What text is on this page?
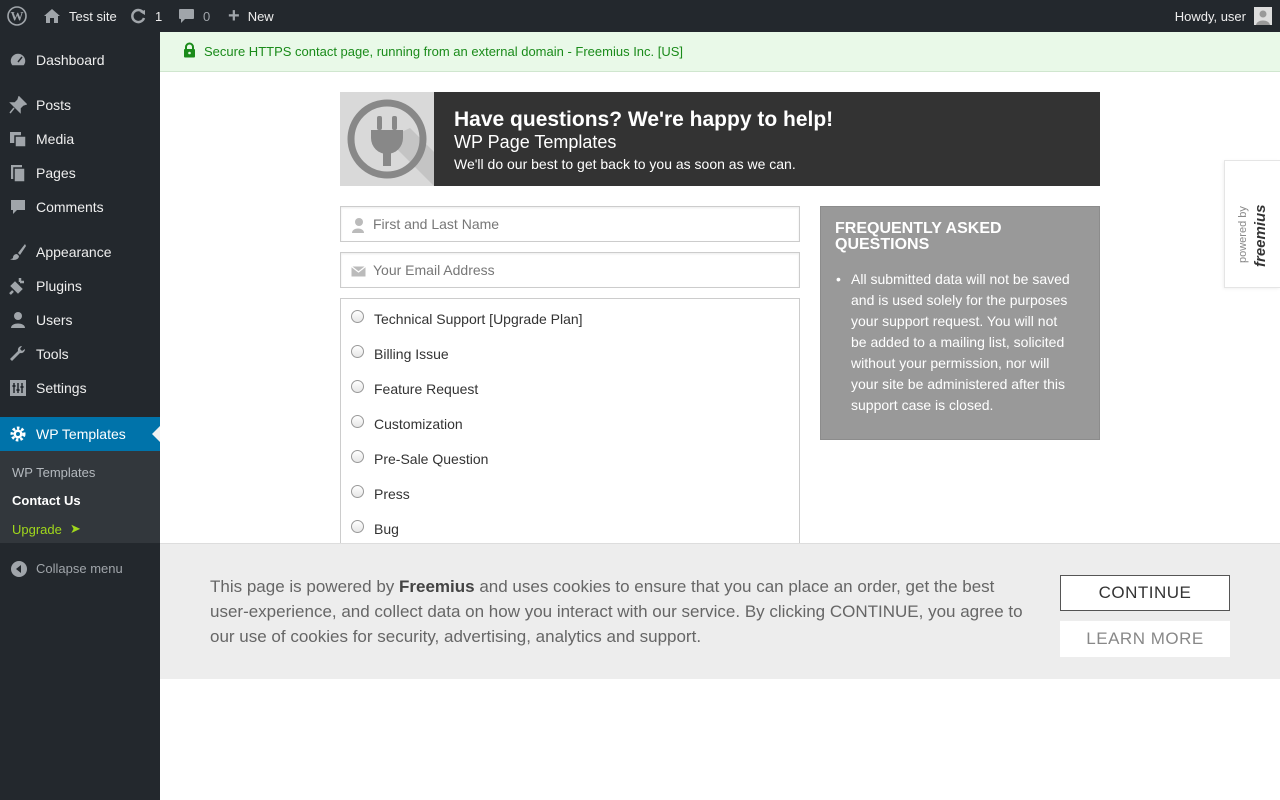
W	Test site	1	0 + New	Howdy, user
Dashboard
Posts
Media
Pages
Comments
Appearance
Plugins
Users
Tools
Settings
WP Templates
WP Templates
Contact Us
Upgrade ➤
Collapse menu
Secure HTTPS contact page, running from an external domain - Freemius Inc. [US]
Have questions? We're happy to help!
WP Page Templates
We'll do our best to get back to you as soon as we can.
First and Last Name
Your Email Address
Technical Support [Upgrade Plan]
Billing Issue
Feature Request
Customization
Pre-Sale Question
Press
Bug
FREQUENTLY ASKED QUESTIONS
• All submitted data will not be saved and is used solely for the purposes your support request. You will not be added to a mailing list, solicited without your permission, nor will your site be administered after this support case is closed.
powered by freemius
This page is powered by Freemius and uses cookies to ensure that you can place an order, get the best user-experience, and collect data on how you interact with our service. By clicking CONTINUE, you agree to our use of cookies for security, advertising, analytics and support.
CONTINUE
LEARN MORE
